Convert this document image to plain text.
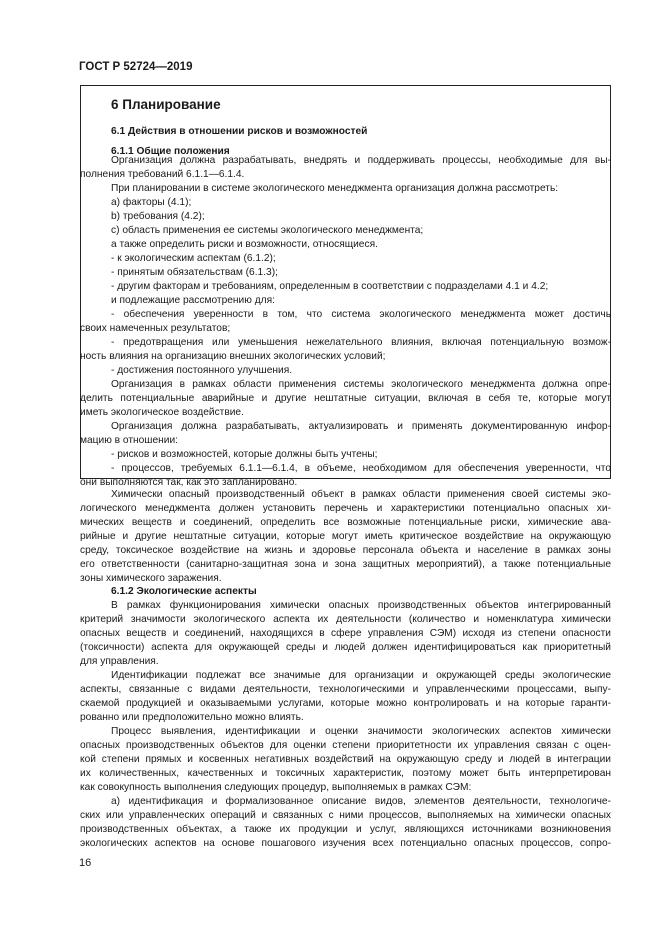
ГОСТ Р 52724—2019
6 Планирование
6.1 Действия в отношении рисков и возможностей
6.1.1 Общие положения
Организация должна разрабатывать, внедрять и поддерживать процессы, необходимые для вы-
полнения требований 6.1.1—6.1.4.
При планировании в системе экологического менеджмента организация должна рассмотреть:
a) факторы (4.1);
b) требования (4.2);
c) область применения ее системы экологического менеджмента;
а также определить риски и возможности, относящиеся.
- к экологическим аспектам (6.1.2);
- принятым обязательствам (6.1.3);
- другим факторам и требованиям, определенным в соответствии с подразделами 4.1 и 4.2;
и подлежащие рассмотрению для:
- обеспечения уверенности в том, что система экологического менеджмента может достичь
своих намеченных результатов;
- предотвращения или уменьшения нежелательного влияния, включая потенциальную возмож-
ность влияния на организацию внешних экологических условий;
- достижения постоянного улучшения.
Организация в рамках области применения системы экологического менеджмента должна опре-
делить потенциальные аварийные и другие нештатные ситуации, включая в себя те, которые могут
иметь экологическое воздействие.
Организация должна разрабатывать, актуализировать и применять документированную инфор-
мацию в отношении:
- рисков и возможностей, которые должны быть учтены;
- процессов, требуемых 6.1.1—6.1.4, в объеме, необходимом для обеспечения уверенности, что
они выполняются так, как это запланировано.
Химически опасный производственный объект в рамках области применения своей системы эко-
логического менеджмента должен установить перечень и характеристики потенциально опасных хи-
мических веществ и соединений, определить все возможные потенциальные риски, химические ава-
рийные и другие нештатные ситуации, которые могут иметь критическое воздействие на окружающую
среду, токсическое воздействие на жизнь и здоровье персонала объекта и население в рамках зоны
его ответственности (санитарно-защитная зона и зона защитных мероприятий), а также потенциальные
зоны химического заражения.
6.1.2 Экологические аспекты
В рамках функционирования химически опасных производственных объектов интегрированный
критерий значимости экологического аспекта их деятельности (количество и номенклатура химически
опасных веществ и соединений, находящихся в сфере управления СЭМ) исходя из степени опасности
(токсичности) аспекта для окружающей среды и людей должен идентифицироваться как приоритетный
для управления.
Идентификации подлежат все значимые для организации и окружающей среды экологические
аспекты, связанные с видами деятельности, технологическими и управленческими процессами, выпу-
скаемой продукцией и оказываемыми услугами, которые можно контролировать и на которые гаранти-
рованно или предположительно можно влиять.
Процесс выявления, идентификации и оценки значимости экологических аспектов химически
опасных производственных объектов для оценки степени приоритетности их управления связан с оцен-
кой степени прямых и косвенных негативных воздействий на окружающую среду и людей в интеграции
их количественных, качественных и токсичных характеристик, поэтому может быть интерпретирован
как совокупность выполнения следующих процедур, выполняемых в рамках СЭМ:
а) идентификация и формализованное описание видов, элементов деятельности, технологиче-
ских или управленческих операций и связанных с ними процессов, выполняемых на химически опасных
производственных объектах, а также их продукции и услуг, являющихся источниками возникновения
экологических аспектов на основе пошагового изучения всех потенциально опасных процессов, сопро-
16
